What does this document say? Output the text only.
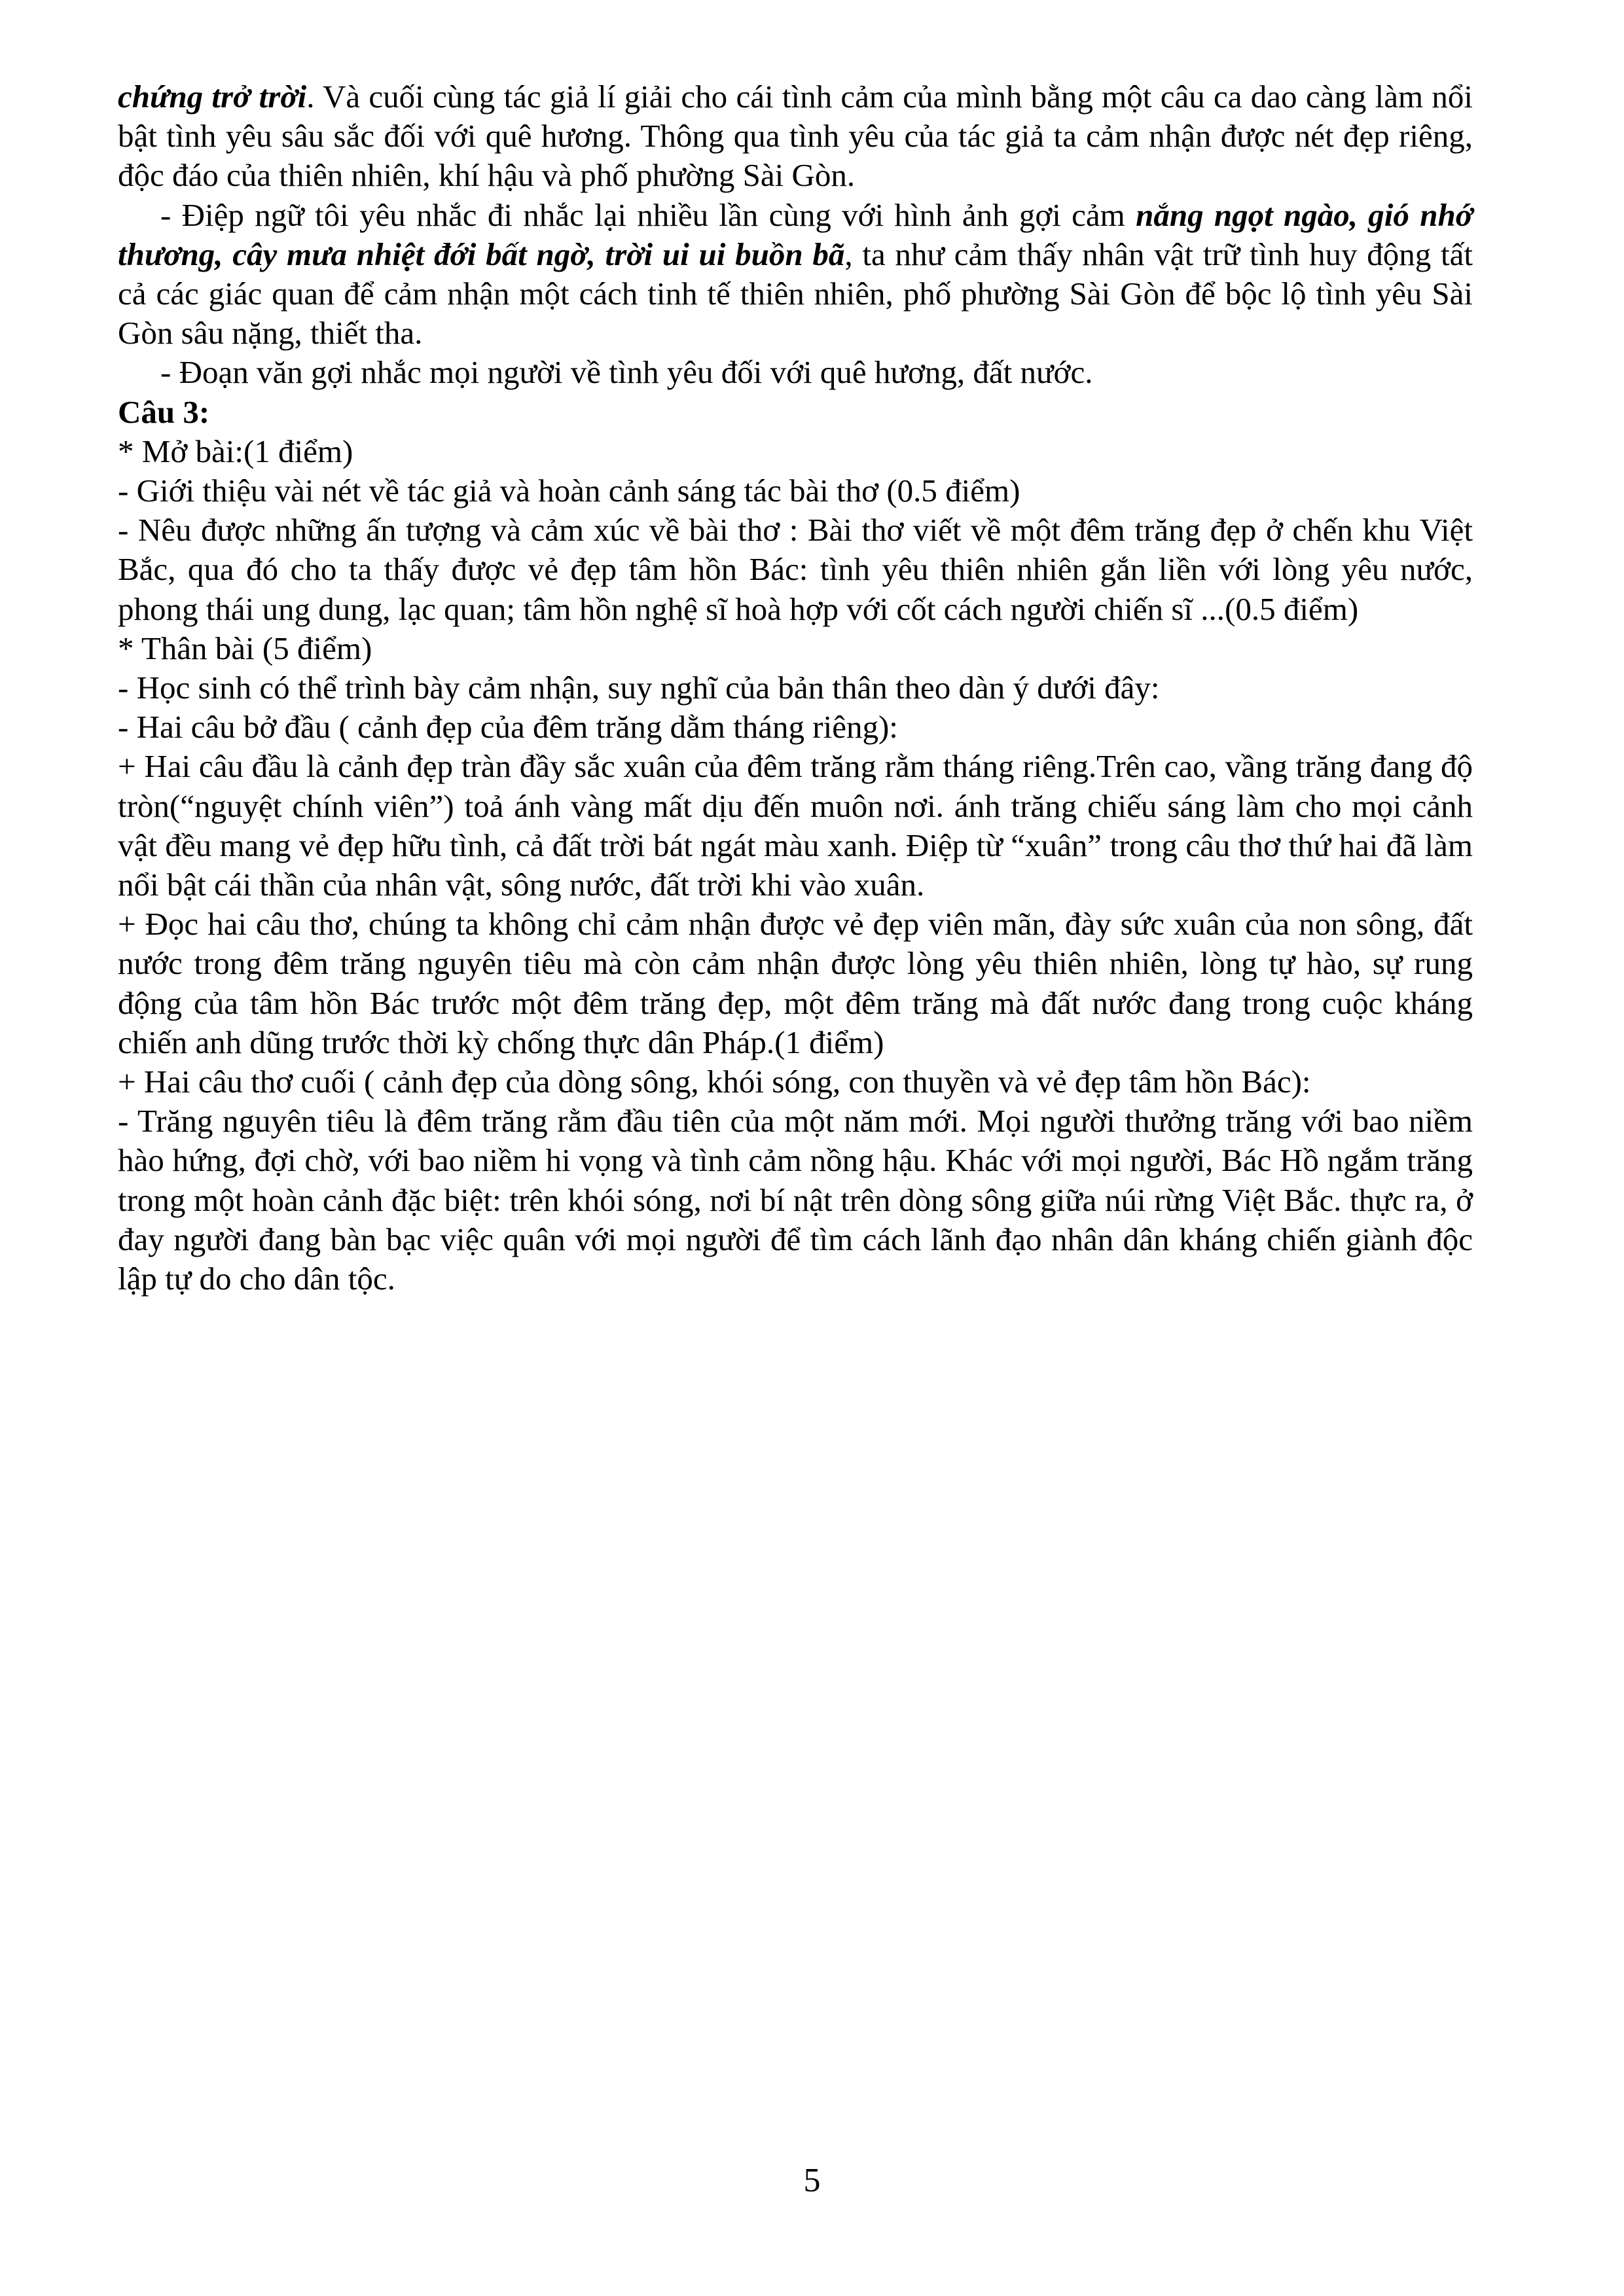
chứng trở trời. Và cuối cùng tác giả lí giải cho cái tình cảm của mình bằng một câu ca dao càng làm nổi bật tình yêu sâu sắc đối với quê hương. Thông qua tình yêu của tác giả ta cảm nhận được nét đẹp riêng, độc đáo của thiên nhiên, khí hậu và phố phường Sài Gòn.

- Điệp ngữ tôi yêu nhắc đi nhắc lại nhiều lần cùng với hình ảnh gợi cảm nắng ngọt ngào, gió nhớ thương, cây mưa nhiệt đới bất ngờ, trời ui ui buồn bã, ta như cảm thấy nhân vật trữ tình huy động tất cả các giác quan để cảm nhận một cách tinh tế thiên nhiên, phố phường Sài Gòn để bộc lộ tình yêu Sài Gòn sâu nặng, thiết tha.

- Đoạn văn gợi nhắc mọi người về tình yêu đối với quê hương, đất nước.

Câu 3:

* Mở bài:(1 điểm)

- Giới thiệu vài nét về tác giả và hoàn cảnh sáng tác bài thơ (0.5 điểm)

- Nêu được những ấn tượng và cảm xúc về bài thơ : Bài thơ viết về một đêm trăng đẹp ở chến khu Việt Bắc, qua đó cho ta thấy được vẻ đẹp tâm hồn Bác: tình yêu thiên nhiên gắn liền với lòng yêu nước, phong thái ung dung, lạc quan; tâm hồn nghệ sĩ hoà hợp với cốt cách người chiến sĩ ...(0.5 điểm)

* Thân bài (5 điểm)

- Học sinh có thể trình bày cảm nhận, suy nghĩ của bản thân theo dàn ý dưới đây:

- Hai câu bở đầu ( cảnh đẹp của đêm trăng dằm tháng riêng):

+ Hai câu đầu là cảnh đẹp tràn đầy sắc xuân của đêm trăng rằm tháng riêng.Trên cao, vầng trăng đang độ tròn(“nguyệt chính viên”) toả ánh vàng mất dịu đến muôn nơi. ánh trăng chiếu sáng làm cho mọi cảnh vật đều mang vẻ đẹp hữu tình, cả đất trời bát ngát màu xanh. Điệp từ “xuân” trong câu thơ thứ hai đã làm nổi bật cái thần của nhân vật, sông nước, đất trời khi vào xuân.

+ Đọc hai câu thơ, chúng ta không chỉ cảm nhận được vẻ đẹp viên mãn, đày sức xuân của non sông, đất nước trong đêm trăng nguyên tiêu mà còn cảm nhận được lòng yêu thiên nhiên, lòng tự hào, sự rung động của tâm hồn Bác trước một đêm trăng đẹp, một đêm trăng mà đất nước đang trong cuộc kháng chiến anh dũng trước thời kỳ chống thực dân Pháp.(1 điểm)

+ Hai câu thơ cuối ( cảnh đẹp của dòng sông, khói sóng, con thuyền và vẻ đẹp tâm hồn Bác):

- Trăng nguyên tiêu là đêm trăng rằm đầu tiên của một năm mới. Mọi người thưởng trăng với bao niềm hào hứng, đợi chờ, với bao niềm hi vọng và tình cảm nồng hậu. Khác với mọi người, Bác Hồ ngắm trăng trong một hoàn cảnh đặc biệt: trên khói sóng, nơi bí nật trên dòng sông giữa núi rừng Việt Bắc. thực ra, ở đay người đang bàn bạc việc quân với mọi người để tìm cách lãnh đạo nhân dân kháng chiến giành độc lập tự do cho dân tộc.

5
